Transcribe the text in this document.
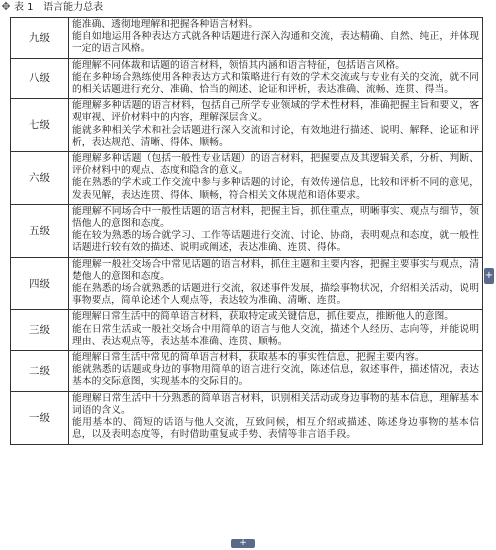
✥ 表 1   语言能力总表
九级	能准确、透彻地理解和把握各种语言材料。

能自如地运用各种表达方式就各种话题进行深入沟通和交流，表达精确、自然、纯正，并体现一定的语言风格。

八级	能理解不同体裁和话题的语言材料，领悟其内涵和语言特征，包括语言风格。

能在多种场合熟练使用各种表达方式和策略进行有效的学术交流或与专业有关的交流，就不同的相关话题进行充分、准确、恰当的阐述、论证和评析，表达准确、流畅、连贯、得当。

七级	能理解多种话题的语言材料，包括自己所学专业领域的学术性材料，准确把握主旨和要义，客观审视、评价材料中的内容，理解深层含义。

能就多种相关学术和社会话题进行深入交流和讨论，有效地进行描述、说明、解释、论证和评析，表达规范、清晰、得体、顺畅。

六级	能理解多种话题（包括一般性专业话题）的语言材料，把握要点及其逻辑关系，分析、判断、评价材料中的观点、态度和隐含的意义。

能在熟悉的学术或工作交流中参与多种话题的讨论，有效传递信息，比较和评析不同的意见，发表见解，表达连贯、得体、顺畅，符合相关文体规范和语体要求。

五级	能理解不同场合中一般性话题的语言材料，把握主旨，抓住重点，明晰事实、观点与细节，领悟他人的意图和态度。

能在较为熟悉的场合就学习、工作等话题进行交流、讨论、协商，表明观点和态度，就一般性话题进行较有效的描述、说明或阐述，表达准确、连贯、得体。

四级	能理解一般社交场合中常见话题的语言材料，抓住主题和主要内容，把握主要事实与观点，清楚他人的意图和态度。

能在熟悉的场合就熟悉的话题进行交流，叙述事件发展，描绘事物状况，介绍相关活动，说明事物要点，简单论述个人观点等，表达较为准确、清晰、连贯。

三级	能理解日常生活中的简单语言材料，获取特定或关键信息，抓住要点，推断他人的意图。

能在日常生活或一般社交场合中用简单的语言与他人交流，描述个人经历、志向等，并能说明理由、表达观点等，表达基本准确、连贯、顺畅。

二级	能理解日常生活中常见的简单语言材料，获取基本的事实性信息，把握主要内容。

能就熟悉的话题或身边的事物用简单的语言进行交流，陈述信息，叙述事件，描述情况，表达基本的交际意图，实现基本的交际目的。

一级	能理解日常生活中十分熟悉的简单语言材料，识别相关活动或身边事物的基本信息，理解基本词语的含义。

能用基本的、简短的话语与他人交流，互致问候，相互介绍或描述、陈述身边事物的基本信息，以及表明态度等，有时借助重复或手势、表情等非言语手段。

+
+
